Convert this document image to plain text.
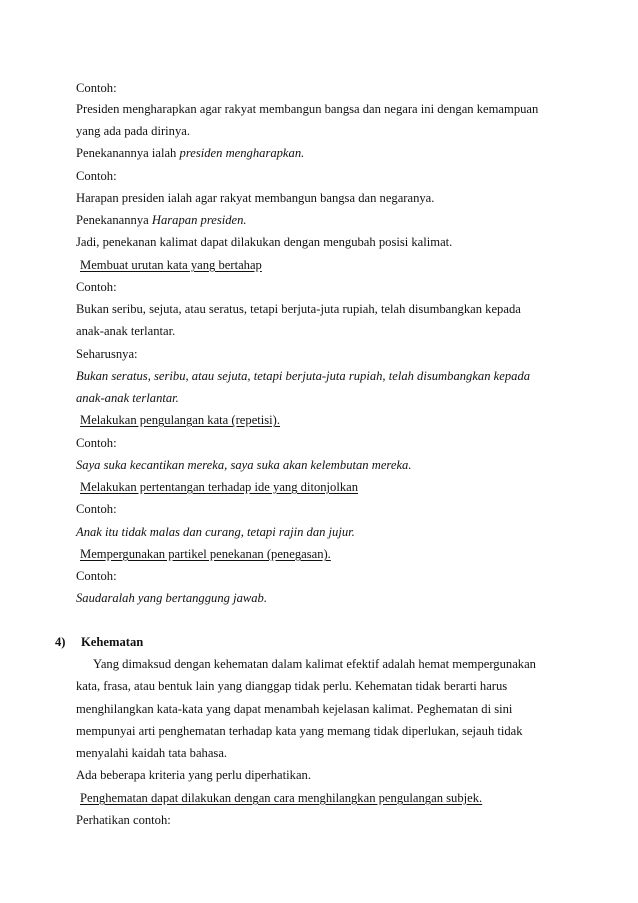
Contoh:
Presiden mengharapkan agar rakyat membangun bangsa dan negara ini dengan kemampuan
yang ada pada dirinya.
Penekanannya ialah presiden mengharapkan.
Contoh:
Harapan presiden ialah agar rakyat membangun bangsa dan negaranya.
Penekanannya Harapan presiden.
Jadi, penekanan kalimat dapat dilakukan dengan mengubah posisi kalimat.
Membuat urutan kata yang bertahap
Contoh:
Bukan seribu, sejuta, atau seratus, tetapi berjuta-juta rupiah, telah disumbangkan kepada
anak-anak terlantar.
Seharusnya:
Bukan seratus, seribu, atau sejuta, tetapi berjuta-juta rupiah, telah disumbangkan kepada
anak-anak terlantar.
Melakukan pengulangan kata (repetisi).
Contoh:
Saya suka kecantikan mereka, saya suka akan kelembutan mereka.
Melakukan pertentangan terhadap ide yang ditonjolkan
Contoh:
Anak itu tidak malas dan curang, tetapi rajin dan jujur.
Mempergunakan partikel penekanan (penegasan).
Contoh:
Saudaralah yang bertanggung jawab.
4) Kehematan
Yang dimaksud dengan kehematan dalam kalimat efektif adalah hemat mempergunakan
kata, frasa, atau bentuk lain yang dianggap tidak perlu. Kehematan tidak berarti harus
menghilangkan kata-kata yang dapat menambah kejelasan kalimat. Peghematan di sini
mempunyai arti penghematan terhadap kata yang memang tidak diperlukan, sejauh tidak
menyalahi kaidah tata bahasa.
Ada beberapa kriteria yang perlu diperhatikan.
Penghematan dapat dilakukan dengan cara menghilangkan pengulangan subjek.
Perhatikan contoh:
